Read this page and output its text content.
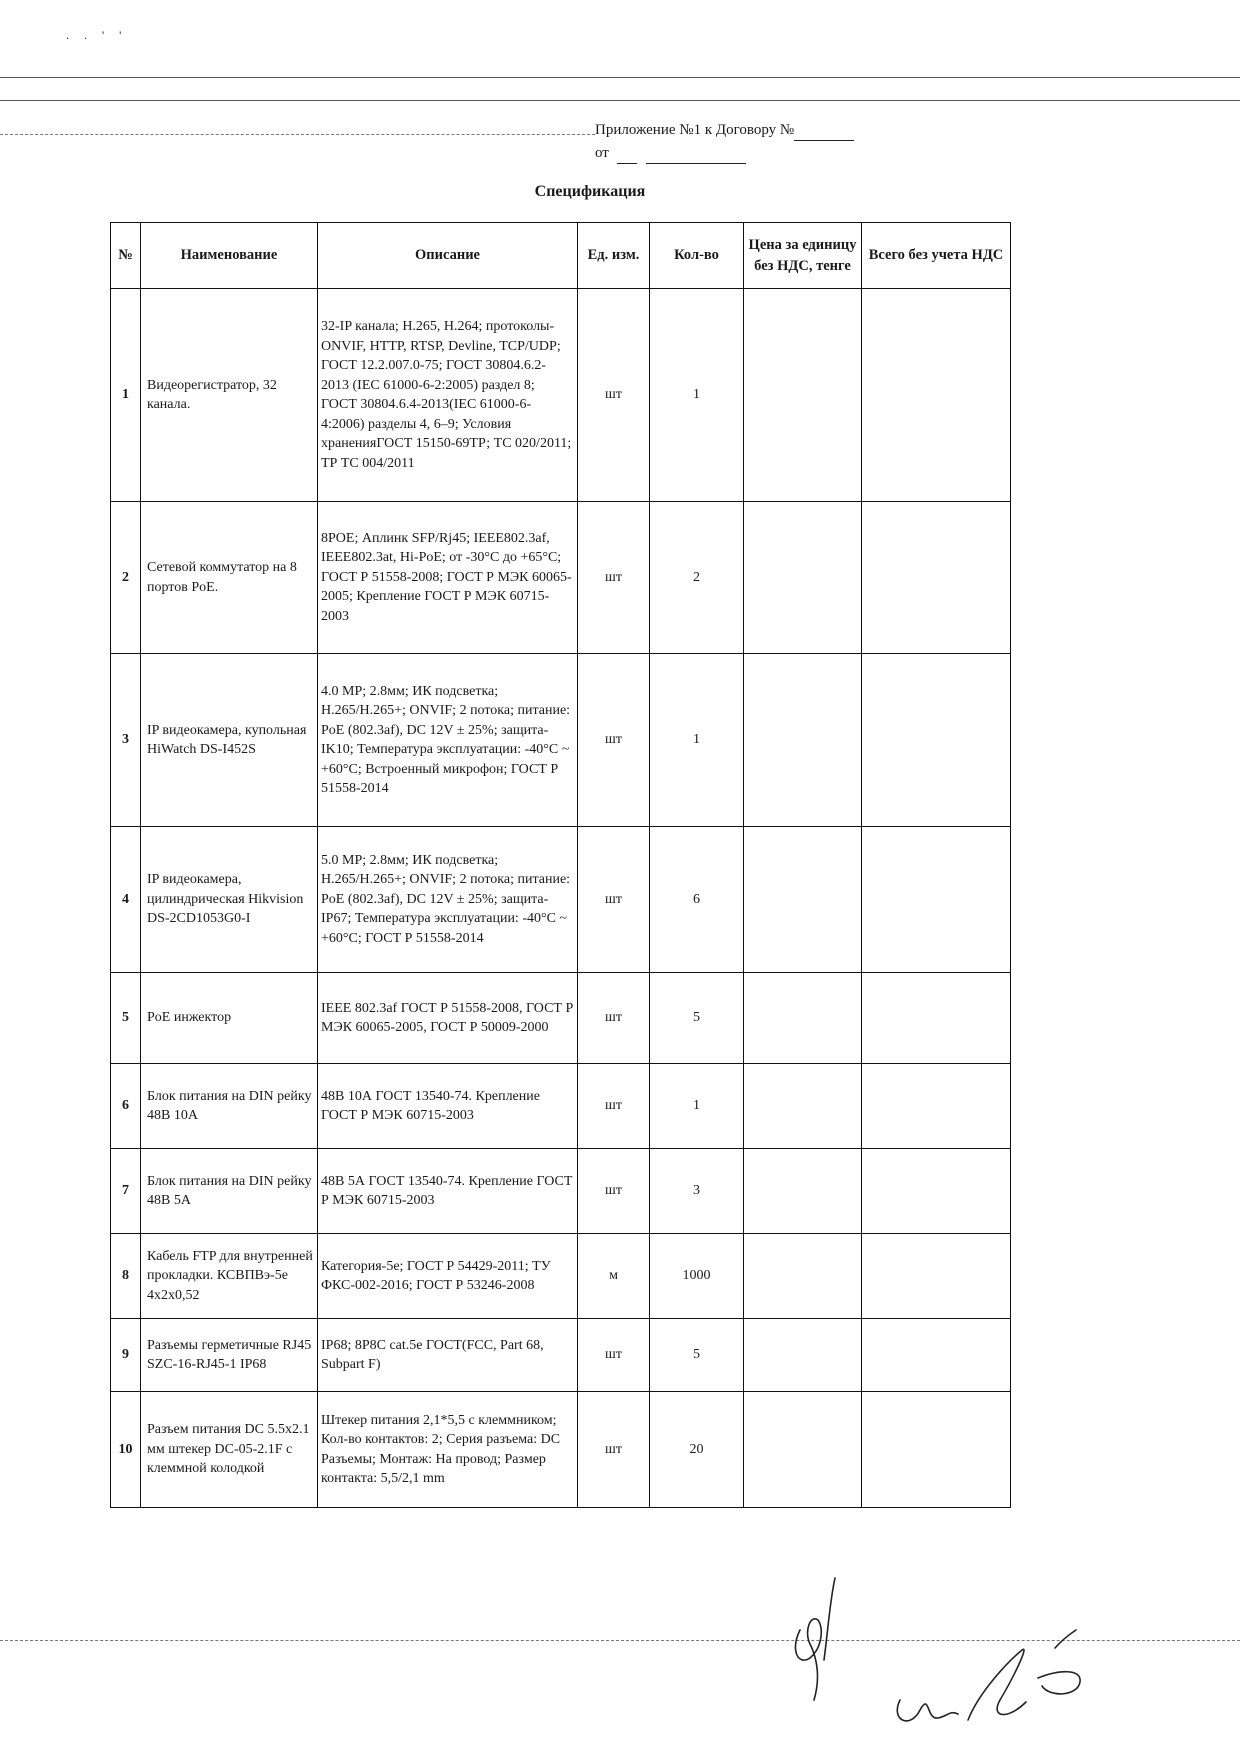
. . ' '
Приложение №1 к Договору №
от
Спецификация
№	Наименование	Описание	Ед. изм.	Кол-во	Цена за единицу без НДС, тенге	Всего без учета НДС
1	Видеорегистратор, 32 канала.	32-IP канала; H.265, H.264; протоколы-ONVIF, HTTP, RTSP, Devline, TCP/UDP; ГОСТ 12.2.007.0-75; ГОСТ 30804.6.2-2013 (IEC 61000-6-2:2005) раздел 8; ГОСТ 30804.6.4-2013(IEC 61000-6-4:2006) разделы 4, 6–9; Условия храненияГОСТ 15150-69ТР; ТС 020/2011; ТР ТС 004/2011	шт	1		
2	Сетевой коммутатор на 8 портов PoE.	8POE; Аплинк SFP/Rj45; IEEE802.3af, IEEE802.3at, Hi-PoE; от -30°C до +65°C; ГОСТ Р 51558-2008; ГОСТ Р МЭК 60065-2005; Крепление ГОСТ Р МЭК 60715-2003	шт	2		
3	IP видеокамера, купольная HiWatch DS-I452S	4.0 MP; 2.8мм; ИК подсветка; H.265/H.265+; ONVIF; 2 потока; питание: PoE (802.3af), DC 12V ± 25%; защита-IK10; Температура эксплуатации: -40°C ~ +60°C; Встроенный микрофон; ГОСТ Р 51558-2014	шт	1		
4	IP видеокамера, цилиндрическая Hikvision DS-2CD1053G0-I	5.0 MP; 2.8мм; ИК подсветка; H.265/H.265+; ONVIF; 2 потока; питание: PoE (802.3af), DC 12V ± 25%; защита-IP67; Температура эксплуатации: -40°C ~ +60°C; ГОСТ Р 51558-2014	шт	6		
5	PoE инжектор	IEEE 802.3af ГОСТ Р 51558-2008, ГОСТ Р МЭК 60065-2005, ГОСТ Р 50009-2000	шт	5		
6	Блок питания на DIN рейку 48В 10А	48В 10А ГОСТ 13540-74. Крепление ГОСТ Р МЭК 60715-2003	шт	1		
7	Блок питания на DIN рейку 48В 5А	48В 5А ГОСТ 13540-74. Крепление ГОСТ Р МЭК 60715-2003	шт	3		
8	Кабель FTP для внутренней прокладки. КСВПВэ-5е 4х2х0,52	Категория-5е; ГОСТ Р 54429-2011; ТУ ФКС-002-2016; ГОСТ Р 53246-2008	м	1000		
9	Разъемы герметичные RJ45 SZC-16-RJ45-1 IP68	IP68; 8P8C cat.5e ГОСТ(FCC, Part 68, Subpart F)	шт	5		
10	Разъем питания DC 5.5х2.1 мм штекер DC-05-2.1F с клеммной колодкой	Штекер питания 2,1*5,5 с клеммником; Кол-во контактов: 2; Серия разъема: DC Разъемы; Монтаж: На провод; Размер контакта: 5,5/2,1 mm	шт	20		
